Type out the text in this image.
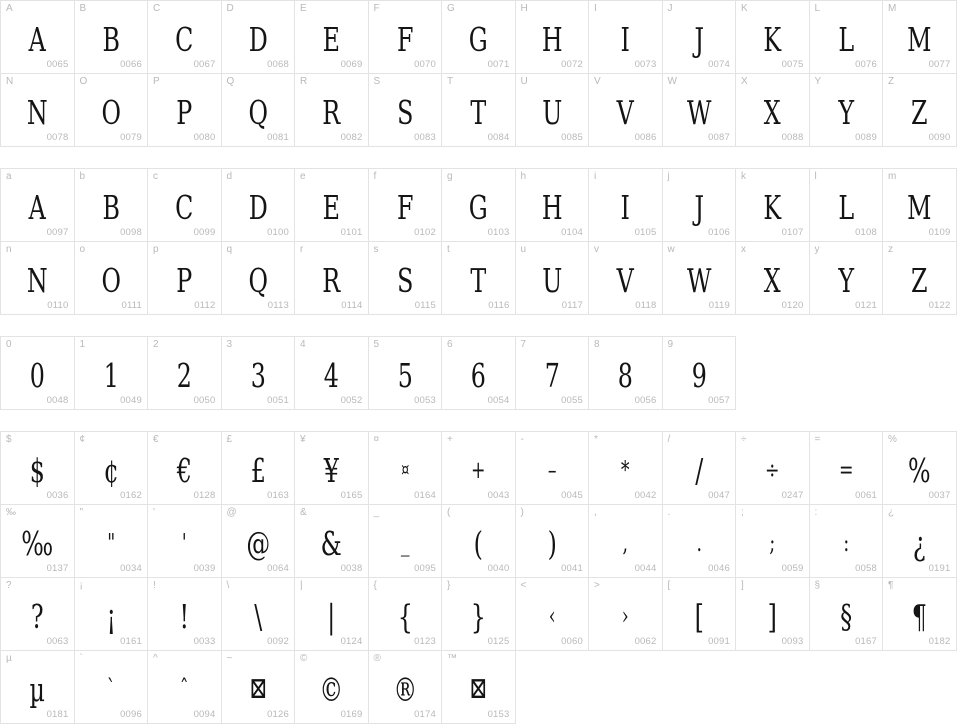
A
A
0065
B
B
0066
C
C
0067
D
D
0068
E
E
0069
F
F
0070
G
G
0071
H
H
0072
I
I
0073
J
J
0074
K
K
0075
L
L
0076
M
M
0077
N
N
0078
O
O
0079
P
P
0080
Q
Q
0081
R
R
0082
S
S
0083
T
T
0084
U
U
0085
V
V
0086
W
W
0087
X
X
0088
Y
Y
0089
Z
Z
0090
a
A
0097
b
B
0098
c
C
0099
d
D
0100
e
E
0101
f
F
0102
g
G
0103
h
H
0104
i
I
0105
j
J
0106
k
K
0107
l
L
0108
m
M
0109
n
N
0110
o
O
0111
p
P
0112
q
Q
0113
r
R
0114
s
S
0115
t
T
0116
u
U
0117
v
V
0118
w
W
0119
x
X
0120
y
Y
0121
z
Z
0122
0
0
0048
1
1
0049
2
2
0050
3
3
0051
4
4
0052
5
5
0053
6
6
0054
7
7
0055
8
8
0056
9
9
0057
$
$
0036
¢
¢
0162
€
€
0128
£
£
0163
¥
¥
0165
¤
¤
0164
+
+
0043
-
–
0045
*
*
0042
/
/
0047
÷
÷
0247
=
=
0061
%
%
0037
‰
‰
0137
"
"
0034
'
'
0039
@
@
0064
&
&
0038
_
_
0095
(
(
0040
)
)
0041
,
,
0044
.
.
0046
;
;
0059
:
:
0058
¿
¿
0191
?
?
0063
¡
¡
0161
!
!
0033
\
\
0092
|
|
0124
{
{
0123
}
}
0125
<
‹
0060
>
›
0062
[
[
0091
]
]
0093
§
§
0167
¶
¶
0182
µ
µ
0181
`
ˋ
0096
^
ˆ
0094
~
⊠
0126
©
©
0169
®
®
0174
™
⊠
0153
